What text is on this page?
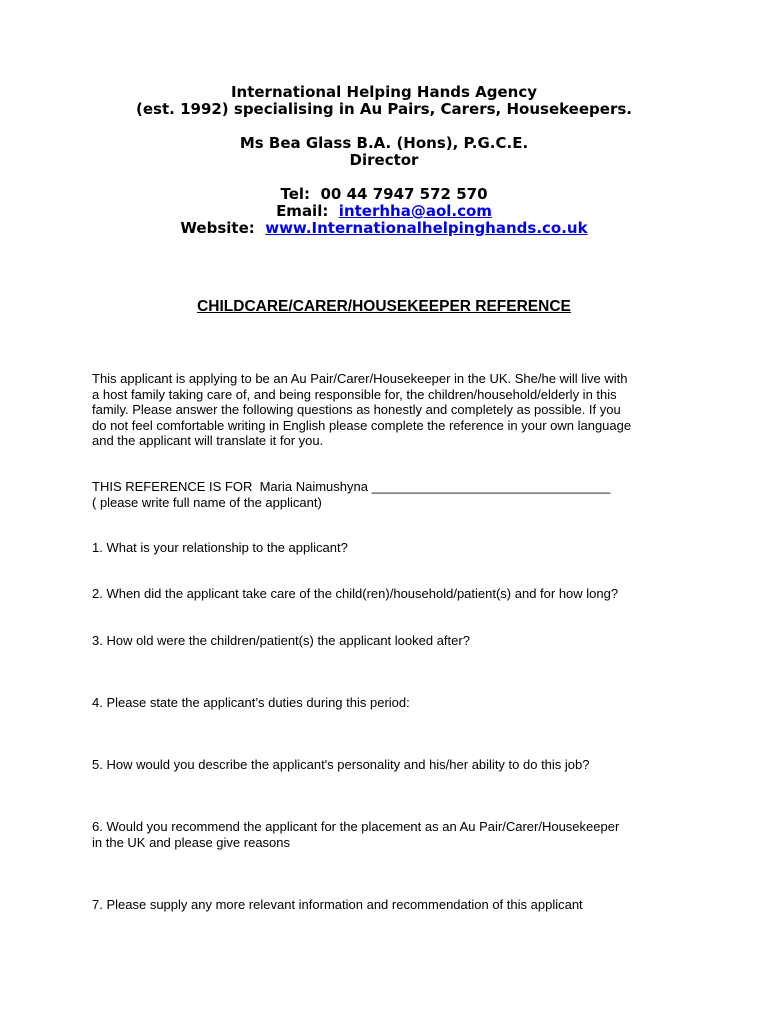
International Helping Hands Agency
(est. 1992) specialising in Au Pairs, Carers, Housekeepers.
Ms Bea Glass B.A. (Hons), P.G.C.E.
Director
Tel: 00 44 7947 572 570
Email: interhha@aol.com
Website: www.Internationalhelpinghands.co.uk
CHILDCARE/CARER/HOUSEKEEPER REFERENCE
This applicant is applying to be an Au Pair/Carer/Housekeeper in the UK. She/he will live with
a host family taking care of, and being responsible for, the children/household/elderly in this
family. Please answer the following questions as honestly and completely as possible. If you
do not feel comfortable writing in English please complete the reference in your own language
and the applicant will translate it for you.
THIS REFERENCE IS FOR Maria Naimushyna _________________________________
( please write full name of the applicant)
1. What is your relationship to the applicant?
2. When did the applicant take care of the child(ren)/household/patient(s) and for how long?
3. How old were the children/patient(s) the applicant looked after?
4. Please state the applicant’s duties during this period:
5. How would you describe the applicant's personality and his/her ability to do this job?
6. Would you recommend the applicant for the placement as an Au Pair/Carer/Housekeeper
in the UK and please give reasons
7. Please supply any more relevant information and recommendation of this applicant
